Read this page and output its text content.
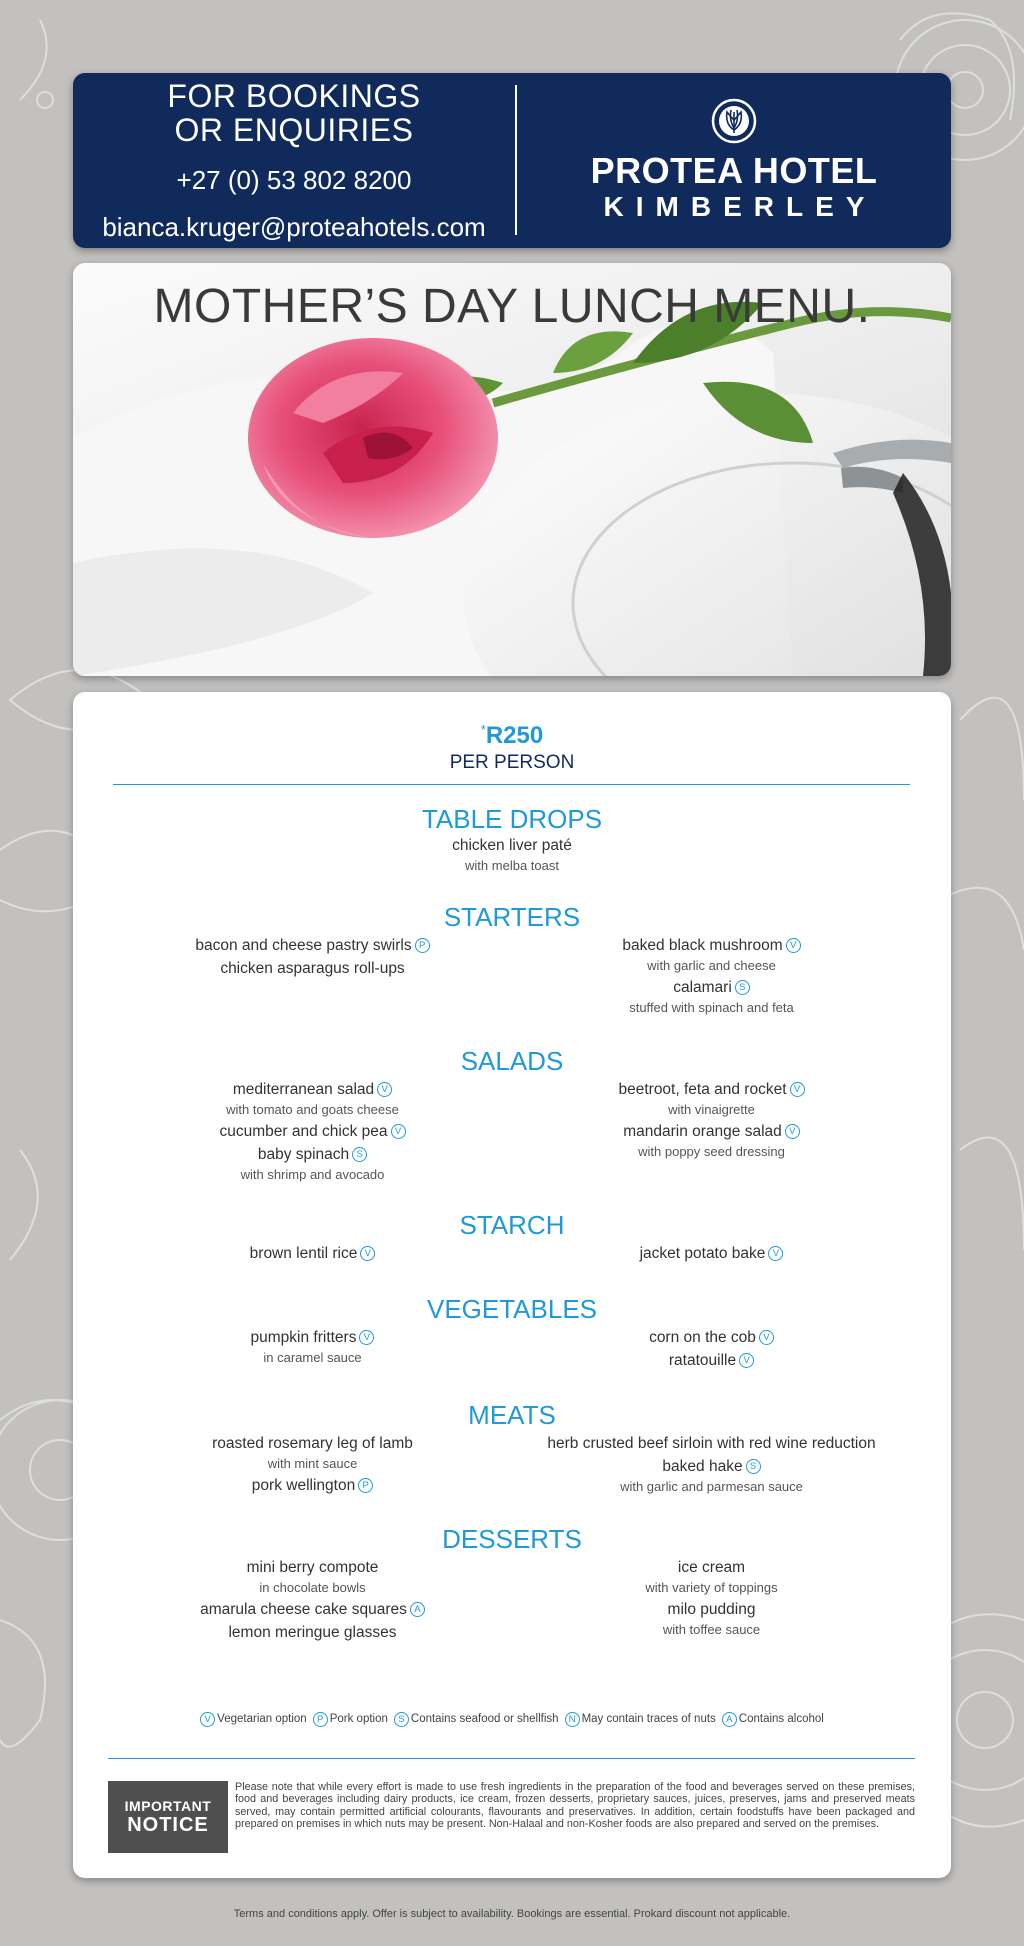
FOR BOOKINGS
OR ENQUIRIES
+27 (0) 53 802 8200
bianca.kruger@proteahotels.com
PROTEA HOTEL
KIMBERLEY
MOTHER’S DAY LUNCH MENU.
*R250
PER PERSON
TABLE DROPS
chicken liver paté
with melba toast
STARTERS
bacon and cheese pastry swirls P
chicken asparagus roll-ups
baked black mushroom V
with garlic and cheese
calamari S
stuffed with spinach and feta
SALADS
mediterranean salad V
with tomato and goats cheese
cucumber and chick pea V
baby spinach S
with shrimp and avocado
beetroot, feta and rocket V
with vinaigrette
mandarin orange salad V
with poppy seed dressing
STARCH
brown lentil rice V	jacket potato bake V
VEGETABLES
pumpkin fritters V
in caramel sauce
corn on the cob V
ratatouille V
MEATS
roasted rosemary leg of lamb
with mint sauce
pork wellington P
herb crusted beef sirloin with red wine reduction
baked hake S
with garlic and parmesan sauce
DESSERTS
mini berry compote
in chocolate bowls
amarula cheese cake squares A
lemon meringue glasses
ice cream
with variety of toppings
milo pudding
with toffee sauce
V Vegetarian option P Pork option S Contains seafood or shellfish N May contain traces of nuts A Contains alcohol
IMPORTANT
NOTICE
Please note that while every effort is made to use fresh ingredients in the preparation of the food and beverages served on these premises, food and beverages including dairy products, ice cream, frozen desserts, proprietary sauces, juices, preserves, jams and preserved meats served, may contain permitted artificial colourants, flavourants and preservatives. In addition, certain foodstuffs have been packaged and prepared on premises in which nuts may be present. Non-Halaal and non-Kosher foods are also prepared and served on the premises.
Terms and conditions apply. Offer is subject to availability. Bookings are essential. Prokard discount not applicable.
